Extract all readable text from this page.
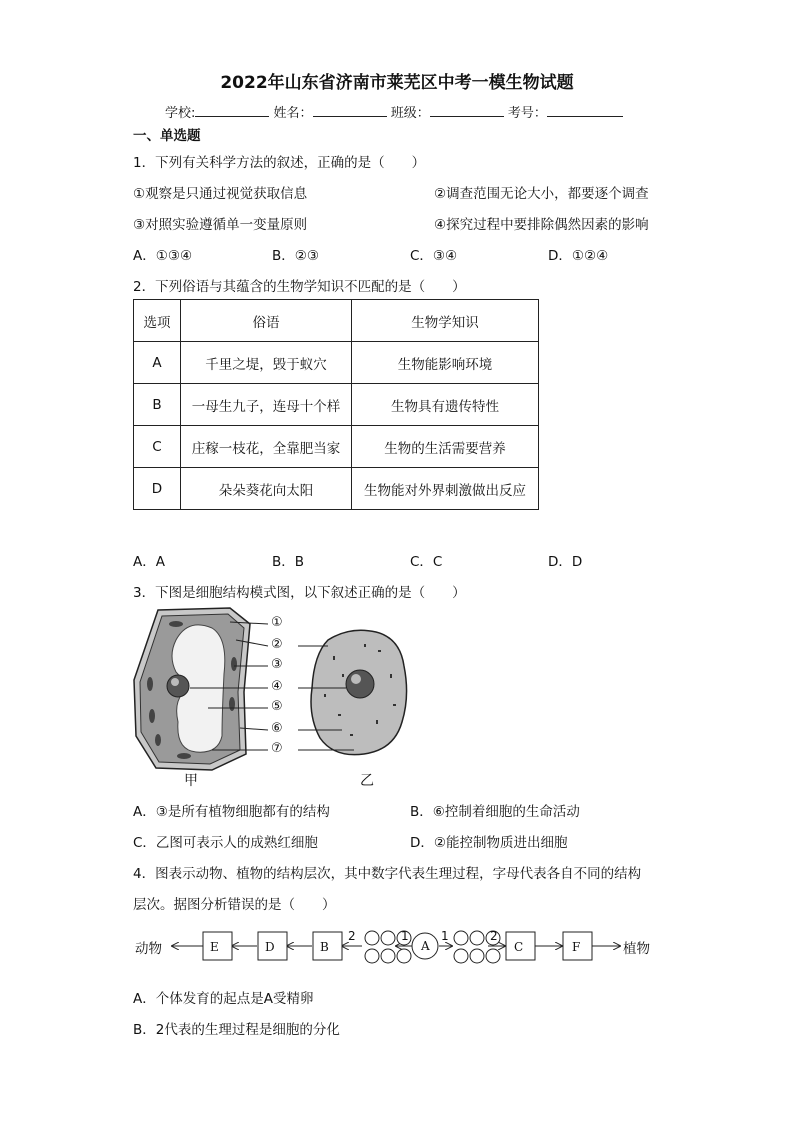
2022年山东省济南市莱芜区中考一模生物试题
学校:	姓名：	班级：	考号：
一、单选题
1．下列有关科学方法的叙述，正确的是（　　）
①观察是只通过视觉获取信息	②调查范围无论大小，都要逐个调查
③对照实验遵循单一变量原则	④探究过程中要排除偶然因素的影响
A．①③④	B．②③	C．③④	D．①②④
2．下列俗语与其蕴含的生物学知识不匹配的是（　　）
选项	俗语	生物学知识
A	千里之堤，毁于蚁穴	生物能影响环境
B	一母生九子，连母十个样	生物具有遗传特性
C	庄稼一枝花，全靠肥当家	生物的生活需要营养
D	朵朵葵花向太阳	生物能对外界刺激做出反应
A．A	B．B	C．C	D．D
3．下图是细胞结构模式图，以下叙述正确的是（　　）
①
②
③
④
⑤
⑥
⑦
甲	乙
A．③是所有植物细胞都有的结构	B．⑥控制着细胞的生命活动
C．乙图可表示人的成熟红细胞	D．②能控制物质进出细胞
4．图表示动物、植物的结构层次，其中数字代表生理过程，字母代表各自不同的结构
层次。据图分析错误的是（　　）
动物	植物
E	D	B	A	C	F
2	1	1	2
A．个体发育的起点是A受精卵
B．2代表的生理过程是细胞的分化
